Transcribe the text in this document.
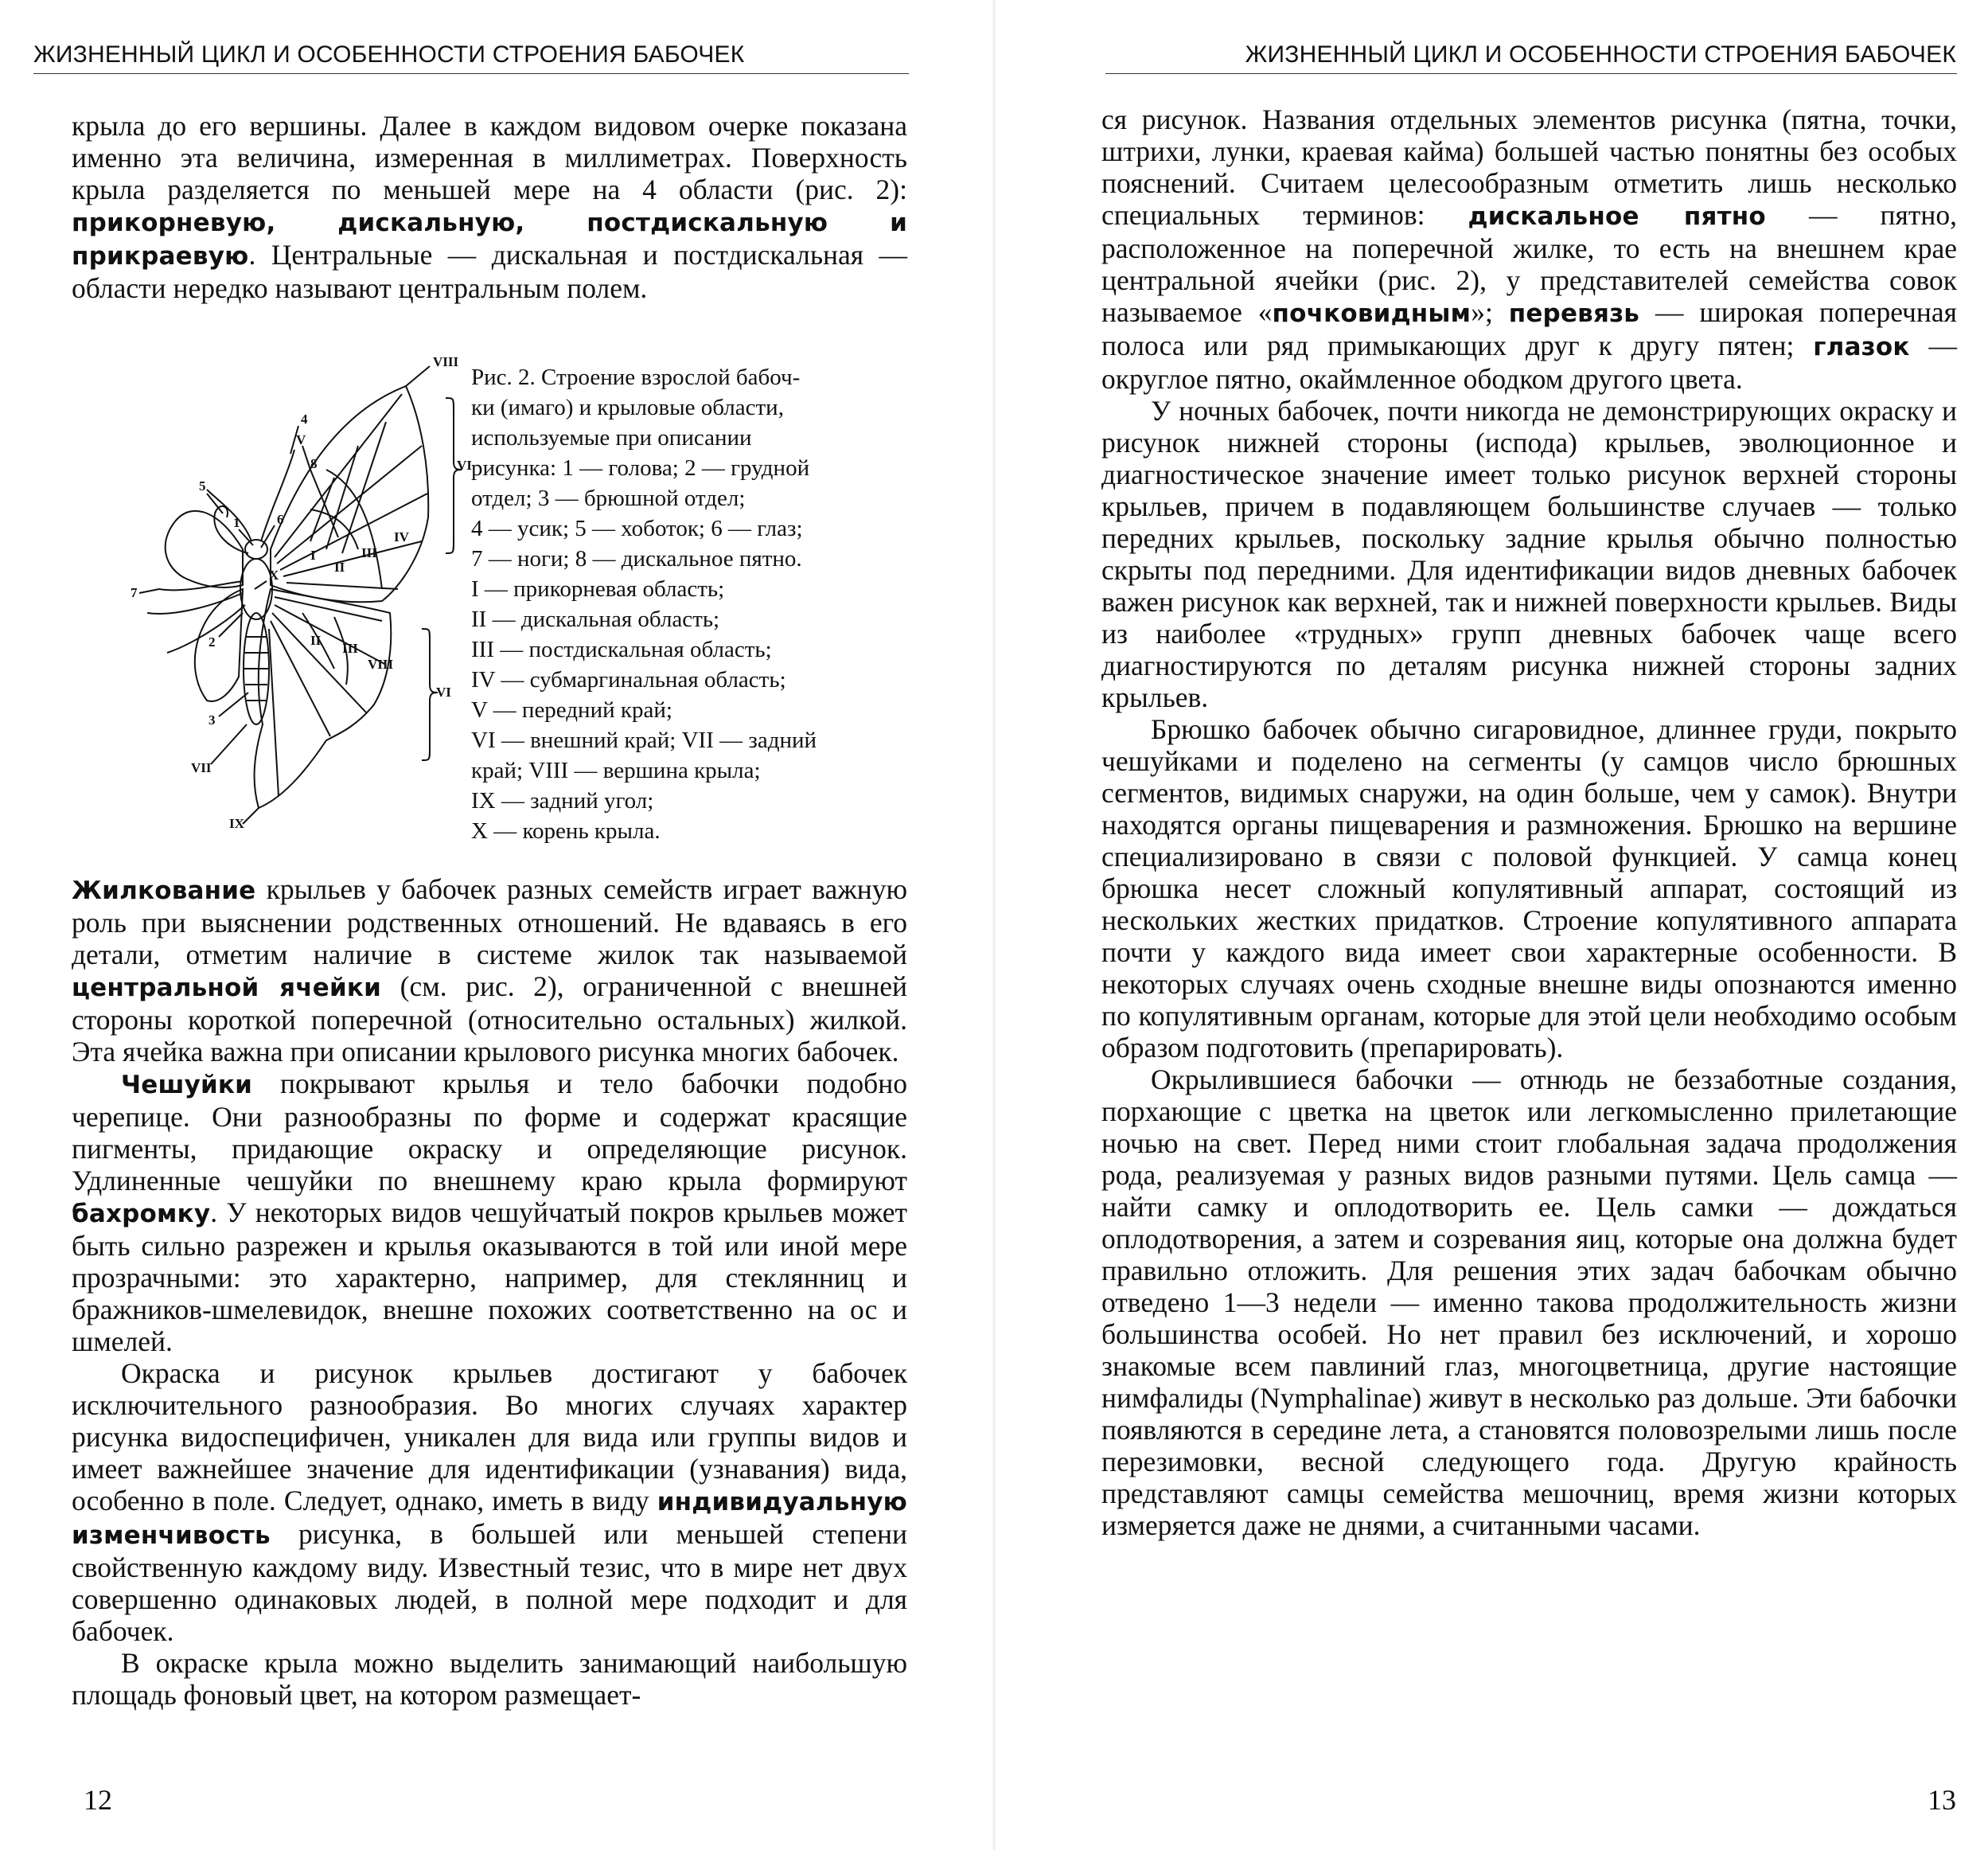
ЖИЗНЕННЫЙ ЦИКЛ И ОСОБЕННОСТИ СТРОЕНИЯ БАБОЧЕК

крыла до его вершины. Далее в каждом видовом очерке показана именно эта величина, измеренная в миллиметрах. Поверхность крыла разделяется по меньшей мере на 4 области (рис. 2): прикорневую, дискальную, постдискальную и прикраевую. Центральные — дискальная и постдискальная — области нередко называют центральным полем.

VIII
VI
VI
V
4
8
5
1	6
7
2
3
VII
IX
I
II
III
IV
II
III
VIII
X
Рис. 2. Строение взрослой бабоч-
ки (имаго) и крыловые области,
используемые при описании
рисунка: 1 — голова; 2 — грудной
отдел; 3 — брюшной отдел;
4 — усик; 5 — хоботок; 6 — глаз;
7 — ноги; 8 — дискальное пятно.
I — прикорневая область;
II — дискальная область;
III — постдискальная область;
IV — субмаргинальная область;
V — передний край;
VI — внешний край; VII — задний
край; VIII — вершина крыла;
IX — задний угол;
X — корень крыла.

Жилкование крыльев у бабочек разных семейств играет важную роль при выяснении родственных отношений. Не вдаваясь в его детали, отметим наличие в системе жилок так называемой центральной ячейки (см. рис. 2), ограниченной с внешней стороны короткой поперечной (относительно остальных) жилкой. Эта ячейка важна при описании крылового рисунка многих бабочек.

Чешуйки покрывают крылья и тело бабочки подобно черепице. Они разнообразны по форме и содержат красящие пигменты, придающие окраску и определяющие рисунок. Удлиненные чешуйки по внешнему краю крыла формируют бахромку. У некоторых видов чешуйчатый покров крыльев может быть сильно разрежен и крылья оказываются в той или иной мере прозрачными: это характерно, например, для стеклянниц и бражников-шмелевидок, внешне похожих соответственно на ос и шмелей.

Окраска и рисунок крыльев достигают у бабочек исключительного разнообразия. Во многих случаях характер рисунка видоспецифичен, уникален для вида или группы видов и имеет важнейшее значение для идентификации (узнавания) вида, особенно в поле. Следует, однако, иметь в виду индивидуальную изменчивость рисунка, в большей или меньшей степени свойственную каждому виду. Известный тезис, что в мире нет двух совершенно одинаковых людей, в полной мере подходит и для бабочек.

В окраске крыла можно выделить занимающий наибольшую площадь фоновый цвет, на котором размещает-

12
ЖИЗНЕННЫЙ ЦИКЛ И ОСОБЕННОСТИ СТРОЕНИЯ БАБОЧЕК

ся рисунок. Названия отдельных элементов рисунка (пятна, точки, штрихи, лунки, краевая кайма) большей частью понятны без особых пояснений. Считаем целесообразным отметить лишь несколько специальных терминов: дискальное пятно — пятно, расположенное на поперечной жилке, то есть на внешнем крае центральной ячейки (рис. 2), у представителей семейства совок называемое «почковидным»; перевязь — широкая поперечная полоса или ряд примыкающих друг к другу пятен; глазок — округлое пятно, окаймленное ободком другого цвета.

У ночных бабочек, почти никогда не демонстрирующих окраску и рисунок нижней стороны (исподa) крыльев, эволюционное и диагностическое значение имеет только рисунок верхней стороны крыльев, причем в подавляющем большинстве случаев — только передних крыльев, поскольку задние крылья обычно полностью скрыты под передними. Для идентификации видов дневных бабочек важен рисунок как верхней, так и нижней поверхности крыльев. Виды из наиболее «трудных» групп дневных бабочек чаще всего диагностируются по деталям рисунка нижней стороны задних крыльев.

Брюшко бабочек обычно сигаровидное, длиннее груди, покрыто чешуйками и поделено на сегменты (у самцов число брюшных сегментов, видимых снаружи, на один больше, чем у самок). Внутри находятся органы пищеварения и размножения. Брюшко на вершине специализировано в связи с половой функцией. У самца конец брюшка несет сложный копулятивный аппарат, состоящий из нескольких жестких придатков. Строение копулятивного аппарата почти у каждого вида имеет свои характерные особенности. В некоторых случаях очень сходные внешне виды опознаются именно по копулятивным органам, которые для этой цели необходимо особым образом подготовить (препарировать).

Окрылившиеся бабочки — отнюдь не беззаботные создания, порхающие с цветка на цветок или легкомысленно прилетающие ночью на свет. Перед ними стоит глобальная задача продолжения рода, реализуемая у разных видов разными путями. Цель самца — найти самку и оплодотворить ее. Цель самки — дождаться оплодотворения, а затем и созревания яиц, которые она должна будет правильно отложить. Для решения этих задач бабочкам обычно отведено 1—3 недели — именно такова продолжительность жизни большинства особей. Но нет правил без исключений, и хорошо знакомые всем павлиний глаз, многоцветница, другие настоящие нимфалиды (Nymphalinae) живут в несколько раз дольше. Эти бабочки появляются в середине лета, а становятся половозрелыми лишь после перезимовки, весной следующего года. Другую крайность представляют самцы семейства мешочниц, время жизни которых измеряется даже не днями, а считанными часами.

13
